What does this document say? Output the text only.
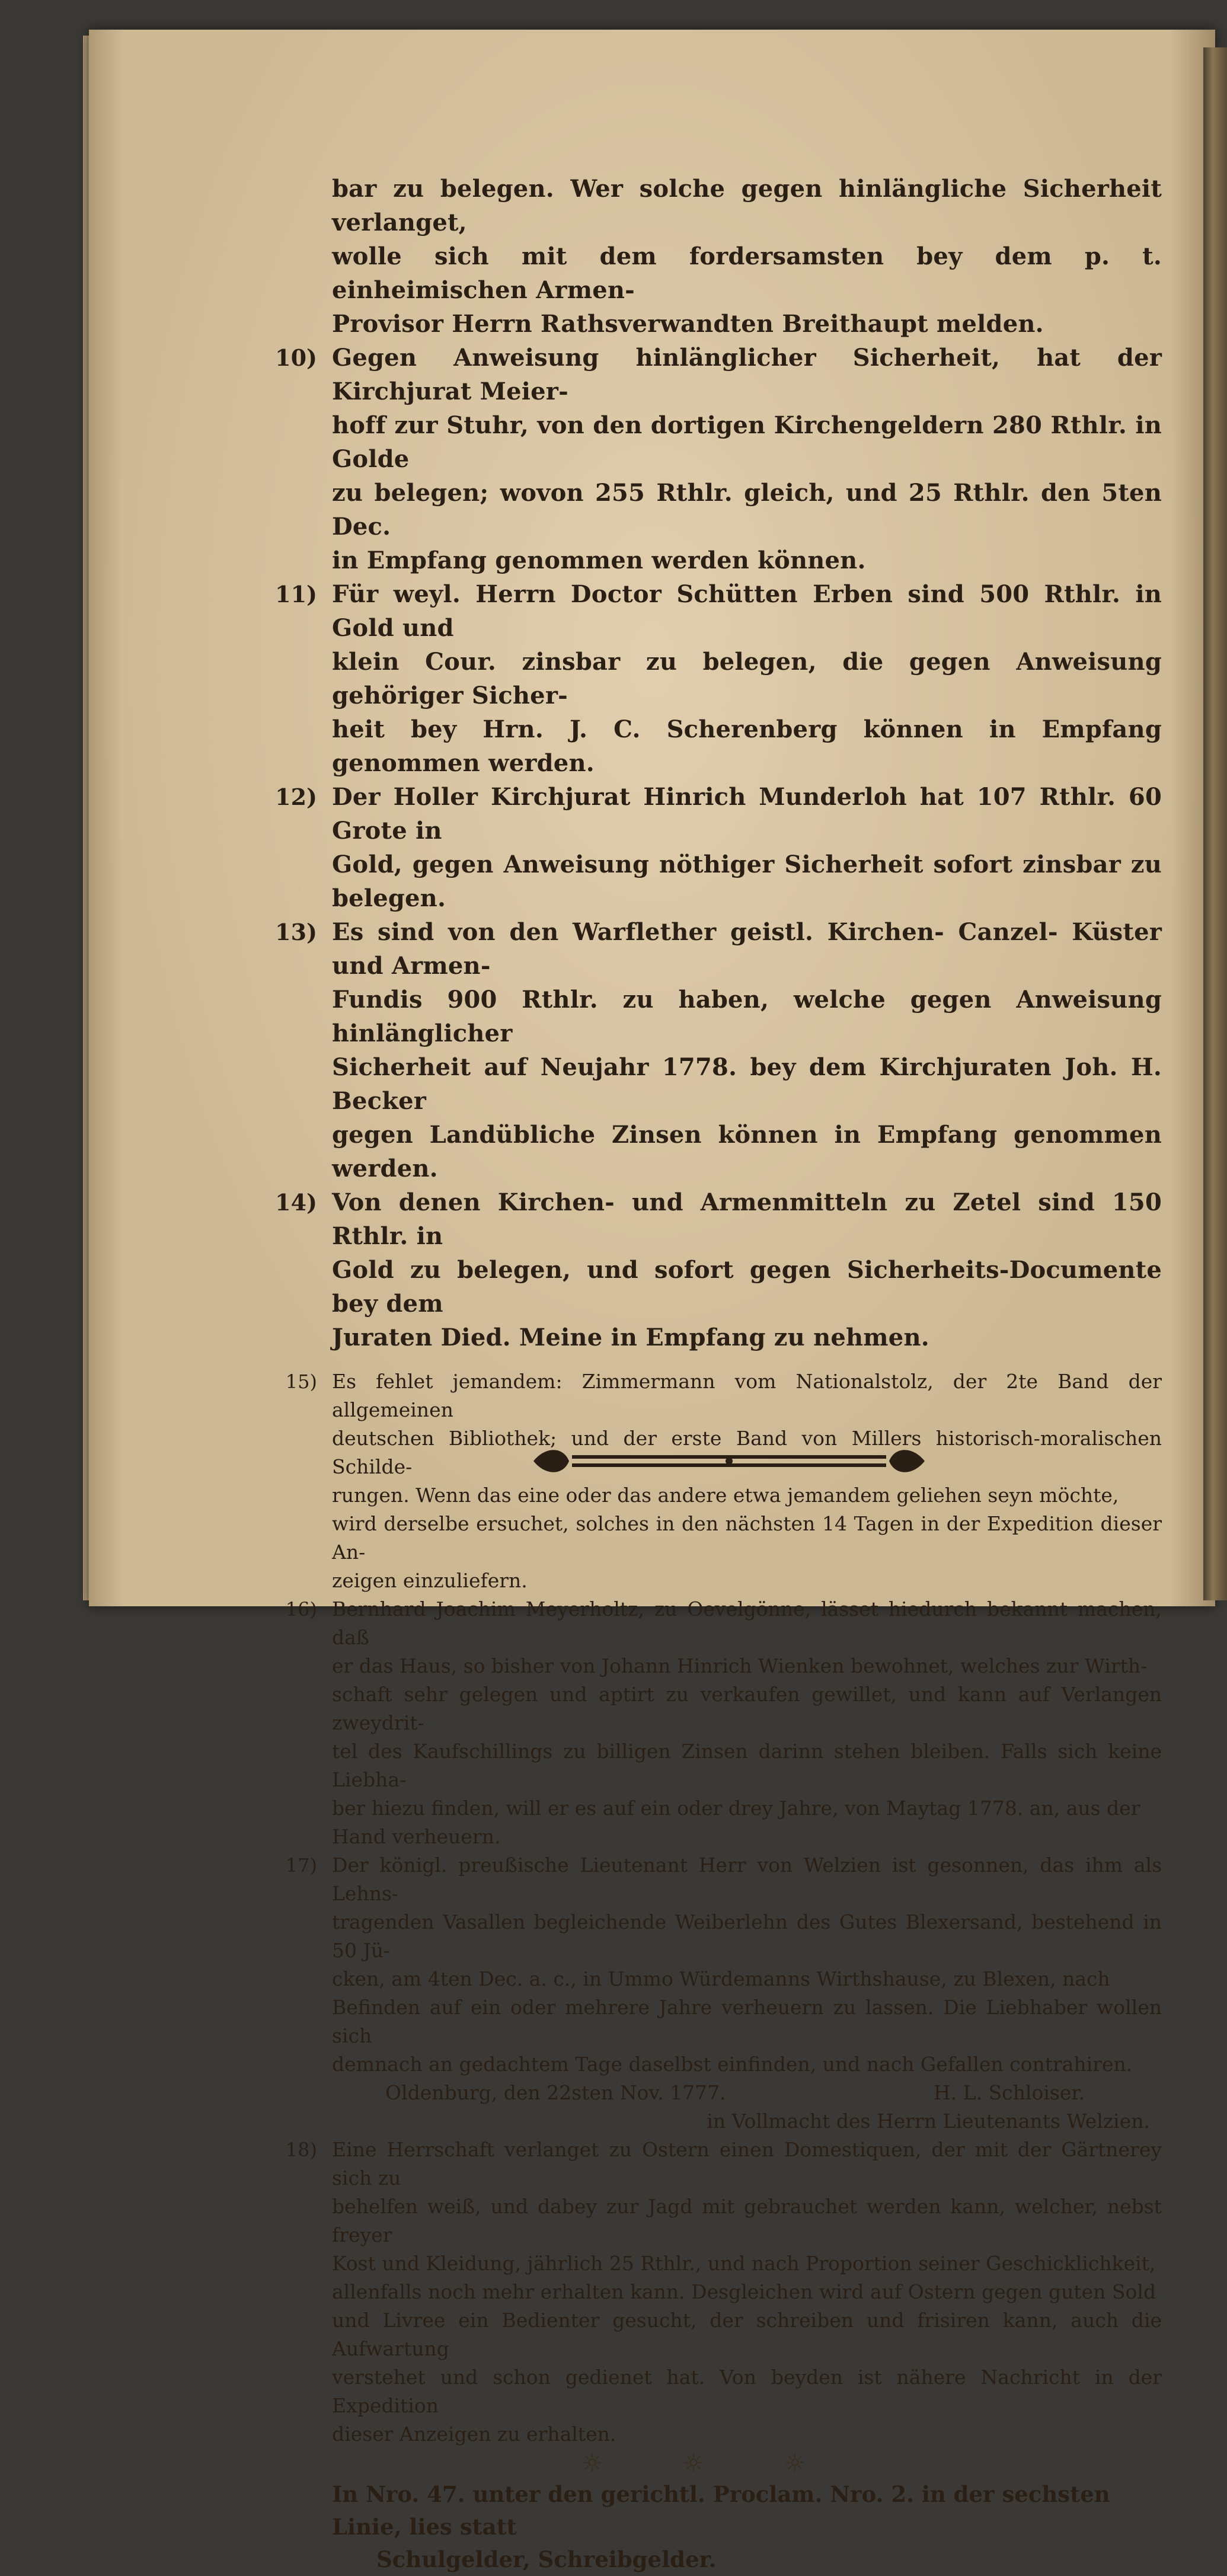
bar zu belegen. Wer solche gegen hinlängliche Sicherheit verlanget,
wolle sich mit dem fordersamsten bey dem p. t. einheimischen Armen-
Provisor Herrn Rathsverwandten Breithaupt melden.
10) Gegen Anweisung hinlänglicher Sicherheit, hat der Kirchjurat Meier-
hoff zur Stuhr, von den dortigen Kirchengeldern 280 Rthlr. in Golde
zu belegen; wovon 255 Rthlr. gleich, und 25 Rthlr. den 5ten Dec.
in Empfang genommen werden können.
11) Für weyl. Herrn Doctor Schütten Erben sind 500 Rthlr. in Gold und
klein Cour. zinsbar zu belegen, die gegen Anweisung gehöriger Sicher-
heit bey Hrn. J. C. Scherenberg können in Empfang genommen werden.
12) Der Holler Kirchjurat Hinrich Munderloh hat 107 Rthlr. 60 Grote in
Gold, gegen Anweisung nöthiger Sicherheit sofort zinsbar zu belegen.
13) Es sind von den Warflether geistl. Kirchen- Canzel- Küster und Armen-
Fundis 900 Rthlr. zu haben, welche gegen Anweisung hinlänglicher
Sicherheit auf Neujahr 1778. bey dem Kirchjuraten Joh. H. Becker
gegen Landübliche Zinsen können in Empfang genommen werden.
14) Von denen Kirchen- und Armenmitteln zu Zetel sind 150 Rthlr. in
Gold zu belegen, und sofort gegen Sicherheits-Documente bey dem
Juraten Died. Meine in Empfang zu nehmen.
15) Es fehlet jemandem: Zimmermann vom Nationalstolz, der 2te Band der allgemeinen
deutschen Bibliothek; und der erste Band von Millers historisch-moralischen Schilde-
rungen. Wenn das eine oder das andere etwa jemandem geliehen seyn möchte,
wird derselbe ersuchet, solches in den nächsten 14 Tagen in der Expedition dieser An-
zeigen einzuliefern.
16) Bernhard Joachim Meyerholtz, zu Oevelgönne, lässet hiedurch bekannt machen, daß
er das Haus, so bisher von Johann Hinrich Wienken bewohnet, welches zur Wirth-
schaft sehr gelegen und aptirt zu verkaufen gewillet, und kann auf Verlangen zweydrit-
tel des Kaufschillings zu billigen Zinsen darinn stehen bleiben. Falls sich keine Liebha-
ber hiezu finden, will er es auf ein oder drey Jahre, von Maytag 1778. an, aus der
Hand verheuern.
17) Der königl. preußische Lieutenant Herr von Welzien ist gesonnen, das ihm als Lehns-
tragenden Vasallen begleichende Weiberlehn des Gutes Blexersand, bestehend in 50 Jü-
cken, am 4ten Dec. a. c., in Ummo Würdemanns Wirthshause, zu Blexen, nach
Befinden auf ein oder mehrere Jahre verheuern zu lassen. Die Liebhaber wollen sich
demnach an gedachtem Tage daselbst einfinden, und nach Gefallen contrahiren.
Oldenburg, den 22sten Nov. 1777.	H. L. Schloiser.
in Vollmacht des Herrn Lieutenants Welzien.
18) Eine Herrschaft verlanget zu Ostern einen Domestiquen, der mit der Gärtnerey sich zu
behelfen weiß, und dabey zur Jagd mit gebrauchet werden kann, welcher, nebst freyer
Kost und Kleidung, jährlich 25 Rthlr., und nach Proportion seiner Geschicklichkeit,
allenfalls noch mehr erhalten kann. Desgleichen wird auf Ostern gegen guten Sold
und Livree ein Bedienter gesucht, der schreiben und frisiren kann, auch die Aufwartung
verstehet und schon gedienet hat. Von beyden ist nähere Nachricht in der Expedition
dieser Anzeigen zu erhalten.
☼ ☼ ☼
In Nro. 47. unter den gerichtl. Proclam. Nro. 2. in der sechsten Linie, lies statt
Schulgelder, Schreibgelder.
